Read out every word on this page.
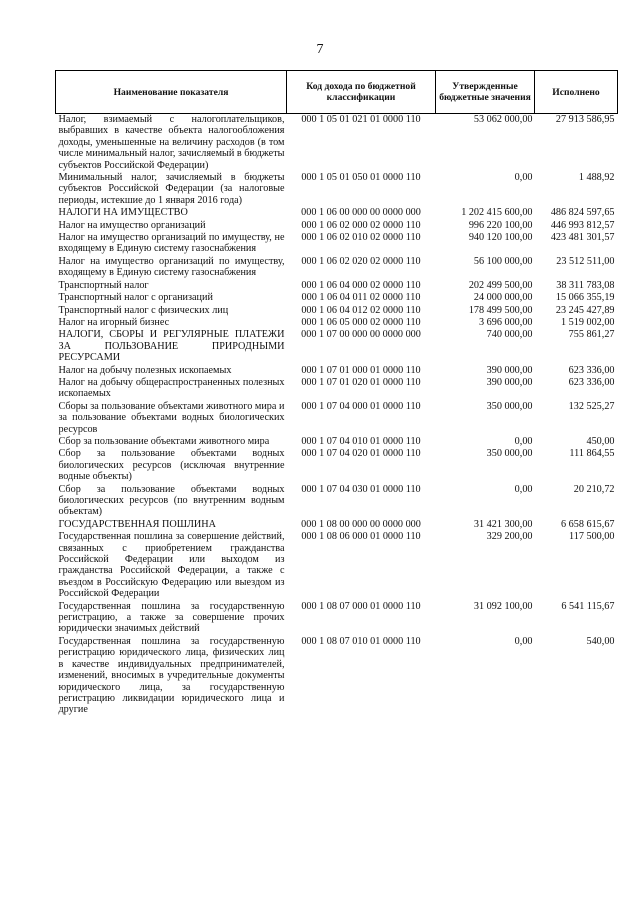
7
Наименование показателя	Код дохода по бюджетной классификации	Утвержденные бюджетные значения	Исполнено
Налог, взимаемый с налогоплательщиков, выбравших в качестве объекта налогообложения доходы, уменьшенные на величину расходов (в том числе минимальный налог, зачисляемый в бюджеты субъектов Российской Федерации)	000 1 05 01 021 01 0000 110	53 062 000,00	27 913 586,95
Минимальный налог, зачисляемый в бюджеты субъектов Российской Федерации (за налоговые периоды, истекшие до 1 января 2016 года)	000 1 05 01 050 01 0000 110	0,00	1 488,92
НАЛОГИ НА ИМУЩЕСТВО	000 1 06 00 000 00 0000 000	1 202 415 600,00	486 824 597,65
Налог на имущество организаций	000 1 06 02 000 02 0000 110	996 220 100,00	446 993 812,57
Налог на имущество организаций по имуществу, не входящему в Единую систему газоснабжения	000 1 06 02 010 02 0000 110	940 120 100,00	423 481 301,57
Налог на имущество организаций по имуществу, входящему в Единую систему газоснабжения	000 1 06 02 020 02 0000 110	56 100 000,00	23 512 511,00
Транспортный налог	000 1 06 04 000 02 0000 110	202 499 500,00	38 311 783,08
Транспортный налог с организаций	000 1 06 04 011 02 0000 110	24 000 000,00	15 066 355,19
Транспортный налог с физических лиц	000 1 06 04 012 02 0000 110	178 499 500,00	23 245 427,89
Налог на игорный бизнес	000 1 06 05 000 02 0000 110	3 696 000,00	1 519 002,00
НАЛОГИ, СБОРЫ И РЕГУЛЯРНЫЕ ПЛАТЕЖИ ЗА ПОЛЬЗОВАНИЕ ПРИРОДНЫМИ РЕСУРСАМИ	000 1 07 00 000 00 0000 000	740 000,00	755 861,27
Налог на добычу полезных ископаемых	000 1 07 01 000 01 0000 110	390 000,00	623 336,00
Налог на добычу общераспространенных полезных ископаемых	000 1 07 01 020 01 0000 110	390 000,00	623 336,00
Сборы за пользование объектами животного мира и за пользование объектами водных биологических ресурсов	000 1 07 04 000 01 0000 110	350 000,00	132 525,27
Сбор за пользование объектами животного мира	000 1 07 04 010 01 0000 110	0,00	450,00
Сбор за пользование объектами водных биологических ресурсов (исключая внутренние водные объекты)	000 1 07 04 020 01 0000 110	350 000,00	111 864,55
Сбор за пользование объектами водных биологических ресурсов (по внутренним водным объектам)	000 1 07 04 030 01 0000 110	0,00	20 210,72
ГОСУДАРСТВЕННАЯ ПОШЛИНА	000 1 08 00 000 00 0000 000	31 421 300,00	6 658 615,67
Государственная пошлина за совершение действий, связанных с приобретением гражданства Российской Федерации или выходом из гражданства Российской Федерации, а также с въездом в Российскую Федерацию или выездом из Российской Федерации	000 1 08 06 000 01 0000 110	329 200,00	117 500,00
Государственная пошлина за государственную регистрацию, а также за совершение прочих юридически значимых действий	000 1 08 07 000 01 0000 110	31 092 100,00	6 541 115,67
Государственная пошлина за государственную регистрацию юридического лица, физических лиц в качестве индивидуальных предпринимателей, изменений, вносимых в учредительные документы юридического лица, за государственную регистрацию ликвидации юридического лица и другие	000 1 08 07 010 01 0000 110	0,00	540,00
